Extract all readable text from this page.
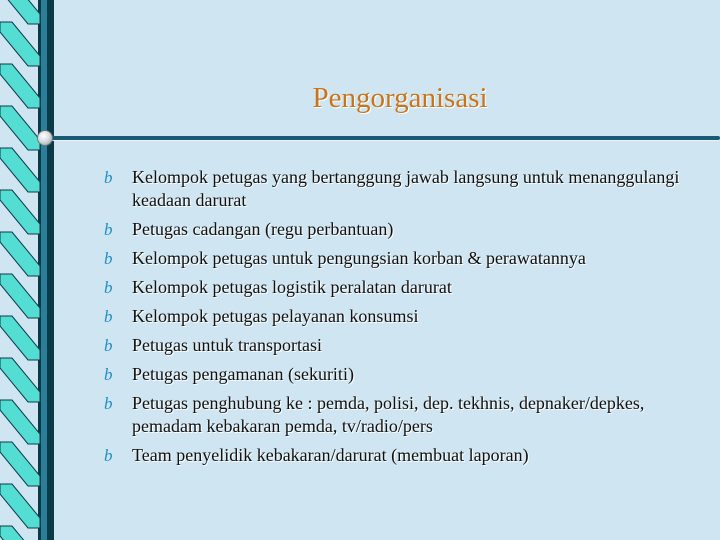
Pengorganisasi
b	Kelompok petugas yang bertanggung jawab langsung untuk menanggulangi keadaan darurat
b	Petugas cadangan (regu perbantuan)
b	Kelompok petugas untuk pengungsian korban & perawatannya
b	Kelompok petugas logistik peralatan darurat
b	Kelompok petugas pelayanan konsumsi
b	Petugas untuk transportasi
b	Petugas pengamanan (sekuriti)
b	Petugas penghubung ke : pemda, polisi, dep. tekhnis, depnaker/depkes, pemadam kebakaran pemda, tv/radio/pers
b	Team penyelidik kebakaran/darurat (membuat laporan)
